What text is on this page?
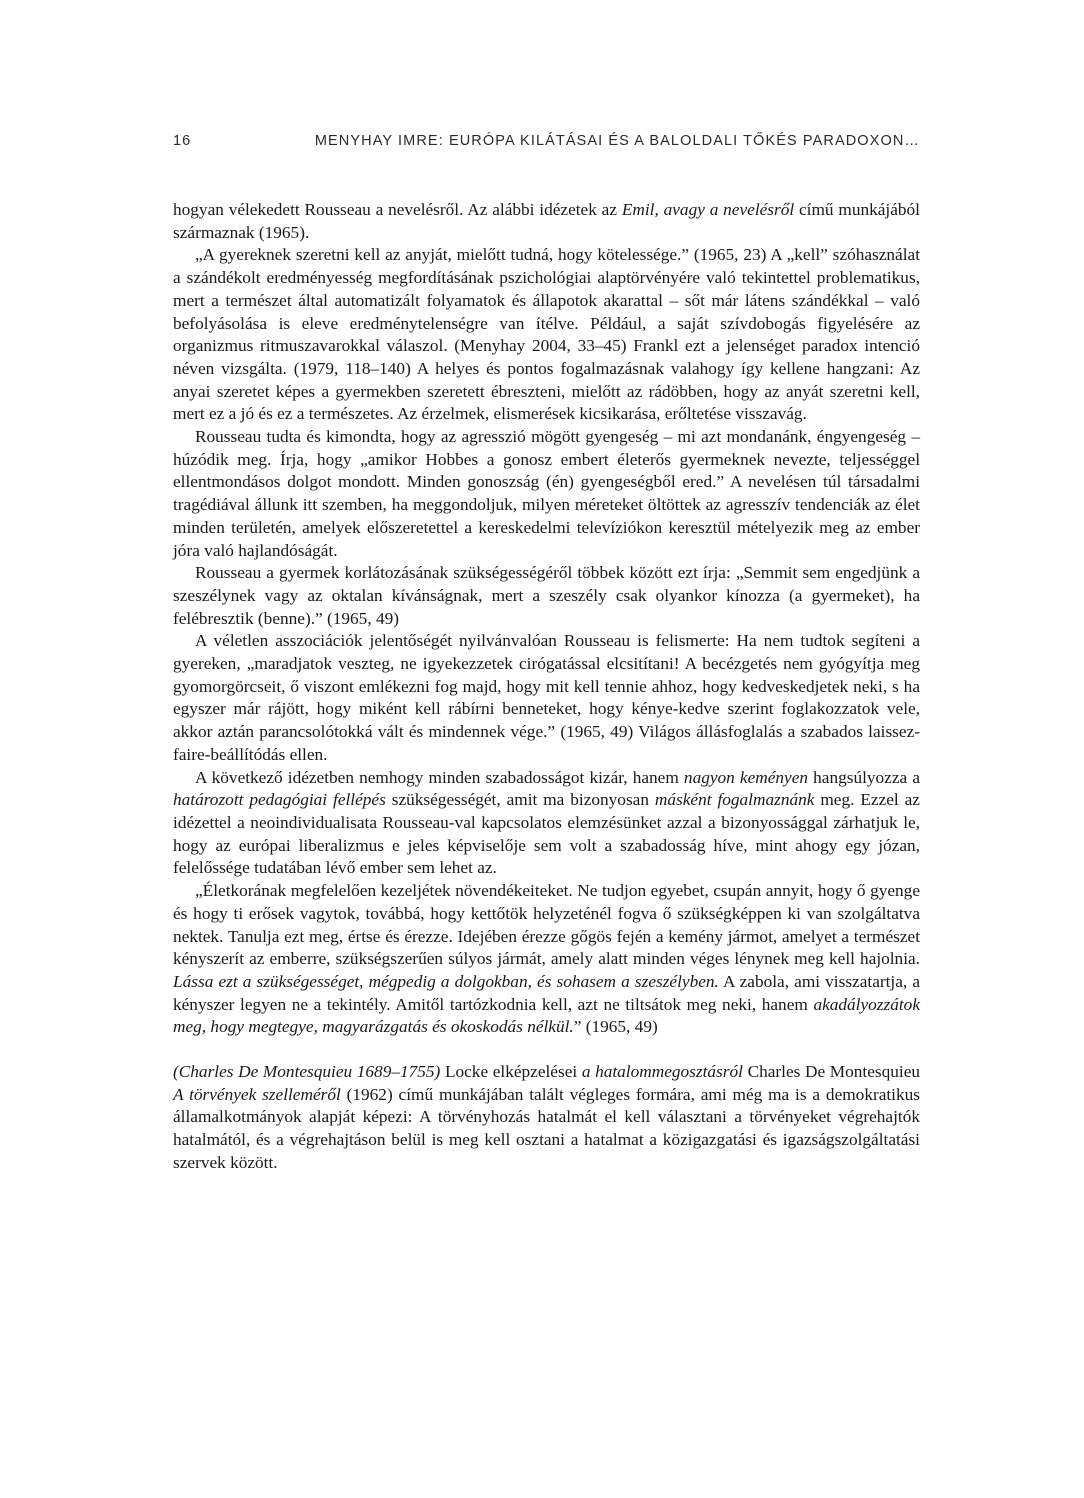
16	MENYHAY IMRE: EURÓPA KILÁTÁSAI ÉS A BALOLDALI TŐKÉS PARADOXON…

hogyan vélekedett Rousseau a nevelésről. Az alábbi idézetek az Emil, avagy a nevelésről című munkájából származnak (1965).

„A gyereknek szeretni kell az anyját, mielőtt tudná, hogy kötelessége.” (1965, 23) A „kell” szóhasználat a szándékolt eredményesség megfordításának pszichológiai alaptörvényére való tekintettel problematikus, mert a természet által automatizált folyamatok és állapotok akarattal – sőt már látens szándékkal – való befolyásolása is eleve eredménytelenségre van ítélve. Például, a saját szívdobogás figyelésére az organizmus ritmuszavarokkal válaszol. (Menyhay 2004, 33–45) Frankl ezt a jelenséget paradox intenció néven vizsgálta. (1979, 118–140) A helyes és pontos fogalmazásnak valahogy így kellene hangzani: Az anyai szeretet képes a gyermekben szeretett ébreszteni, mielőtt az rádöbben, hogy az anyát szeretni kell, mert ez a jó és ez a természetes. Az érzelmek, elismerések kicsikarása, erőltetése visszavág.

Rousseau tudta és kimondta, hogy az agresszió mögött gyengeség – mi azt mondanánk, éngyengeség – húzódik meg. Írja, hogy „amikor Hobbes a gonosz embert életerős gyermeknek nevezte, teljességgel ellentmondásos dolgot mondott. Minden gonoszság (én) gyengeségből ered.” A nevelésen túl társadalmi tragédiával állunk itt szemben, ha meggondoljuk, milyen méreteket öltöttek az agresszív tendenciák az élet minden területén, amelyek előszeretettel a kereskedelmi televíziókon keresztül mételyezik meg az ember jóra való hajlandóságát.

Rousseau a gyermek korlátozásának szükségességéről többek között ezt írja: „Semmit sem engedjünk a szeszélynek vagy az oktalan kívánságnak, mert a szeszély csak olyankor kínozza (a gyermeket), ha felébresztik (benne).” (1965, 49)

A véletlen asszociációk jelentőségét nyilvánvalóan Rousseau is felismerte: Ha nem tudtok segíteni a gyereken, „maradjatok veszteg, ne igyekezzetek cirógatással elcsitítani! A becézgetés nem gyógyítja meg gyomorgörcseit, ő viszont emlékezni fog majd, hogy mit kell tennie ahhoz, hogy kedveskedjetek neki, s ha egyszer már rájött, hogy miként kell rábírni benneteket, hogy kénye-kedve szerint foglakozzatok vele, akkor aztán parancsolótokká vált és mindennek vége.” (1965, 49) Világos állásfoglalás a szabados laissez-faire-beállítódás ellen.

A következő idézetben nemhogy minden szabadosságot kizár, hanem nagyon keményen hangsúlyozza a határozott pedagógiai fellépés szükségességét, amit ma bizonyosan másként fogalmaznánk meg. Ezzel az idézettel a neoindividualisata Rousseau-val kapcsolatos elemzésünket azzal a bizonyossággal zárhatjuk le, hogy az európai liberalizmus e jeles képviselője sem volt a szabadosság híve, mint ahogy egy józan, felelőssége tudatában lévő ember sem lehet az.

„Életkorának megfelelően kezeljétek növendékeiteket. Ne tudjon egyebet, csupán annyit, hogy ő gyenge és hogy ti erősek vagytok, továbbá, hogy kettőtök helyzeténél fogva ő szükségképpen ki van szolgáltatva nektek. Tanulja ezt meg, értse és érezze. Idejében érezze gőgös fején a kemény jármot, amelyet a természet kényszerít az emberre, szükségszerűen súlyos jármát, amely alatt minden véges lénynek meg kell hajolnia. Lássa ezt a szükségességet, mégpedig a dolgokban, és sohasem a szeszélyben. A zabola, ami visszatartja, a kényszer legyen ne a tekintély. Amitől tartózkodnia kell, azt ne tiltsátok meg neki, hanem akadályozzátok meg, hogy megtegye, magyarázgatás és okoskodás nélkül.” (1965, 49)

(Charles De Montesquieu 1689–1755) Locke elképzelései a hatalommegosztásról Charles De Montesquieu A törvények szelleméről (1962) című munkájában talált végleges formára, ami még ma is a demokratikus államalkotmányok alapját képezi: A törvényhozás hatalmát el kell választani a törvényeket végrehajtók hatalmától, és a végrehajtáson belül is meg kell osztani a hatalmat a közigazgatási és igazságszolgáltatási szervek között.
